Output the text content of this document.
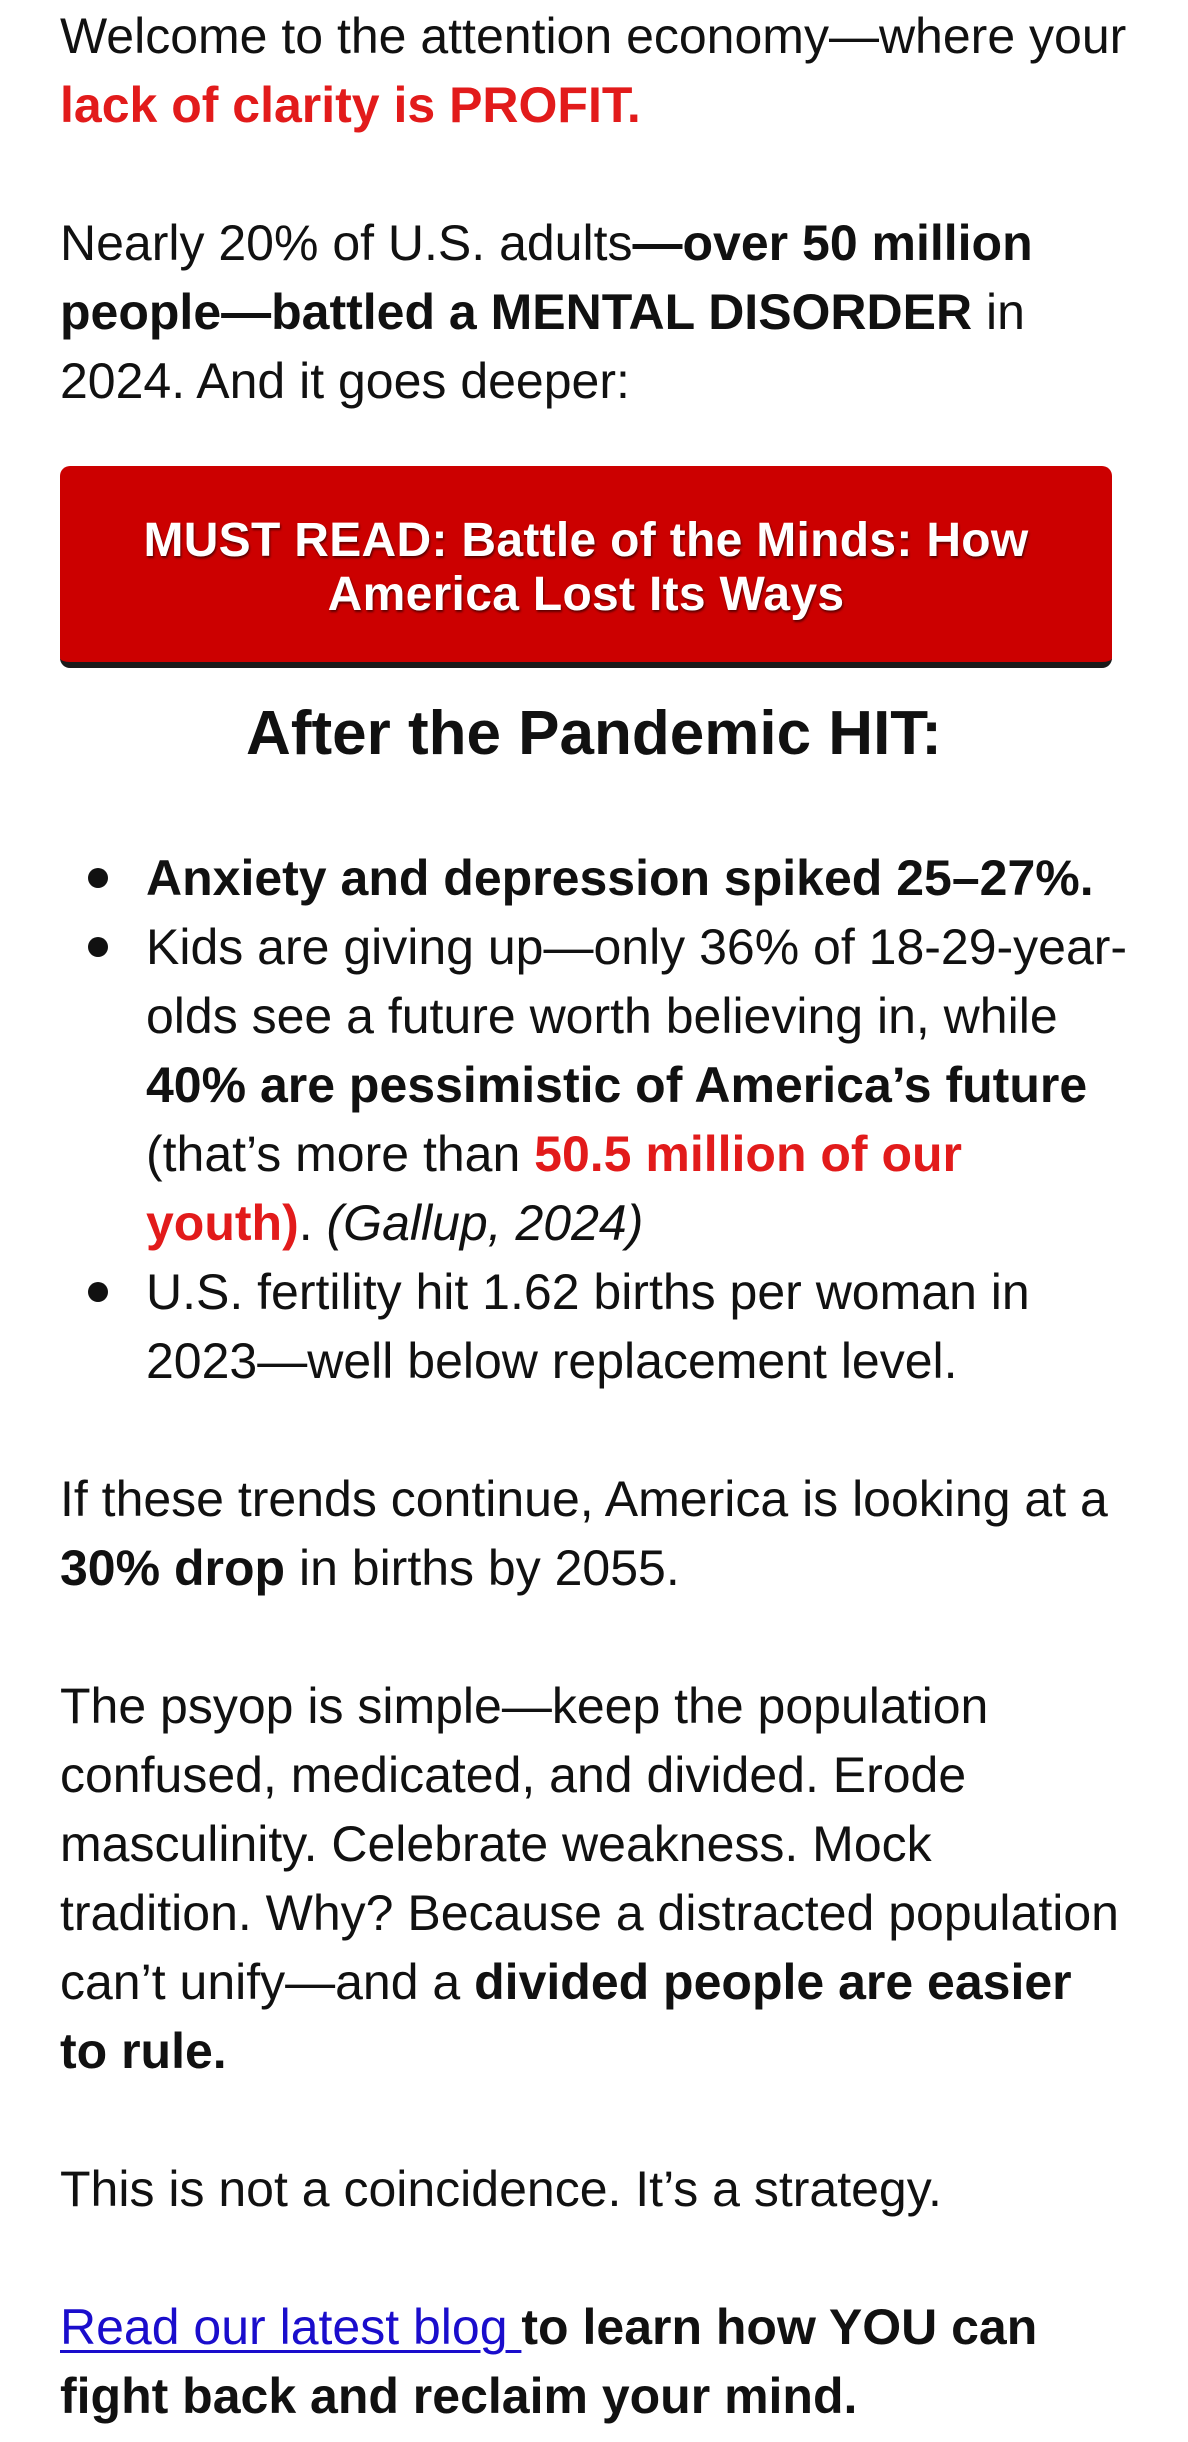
Welcome to the attention economy—where your lack of clarity is PROFIT.

Nearly 20% of U.S. adults—over 50 million people—battled a MENTAL DISORDER in 2024. And it goes deeper:

MUST READ: Battle of the Minds: How America Lost Its Ways
After the Pandemic HIT:
Anxiety and depression spiked 25–27%.
Kids are giving up—only 36% of 18-29-year-olds see a future worth believing in, while 40% are pessimistic of America’s future (that’s more than 50.5 million of our youth). (Gallup, 2024)
U.S. fertility hit 1.62 births per woman in 2023—well below replacement level.

If these trends continue, America is looking at a 30% drop in births by 2055.

The psyop is simple—keep the population confused, medicated, and divided. Erode masculinity. Celebrate weakness. Mock tradition. Why? Because a distracted population can’t unify—and a divided people are easier to rule.

This is not a coincidence. It’s a strategy.

Read our latest blog to learn how YOU can fight back and reclaim your mind.
